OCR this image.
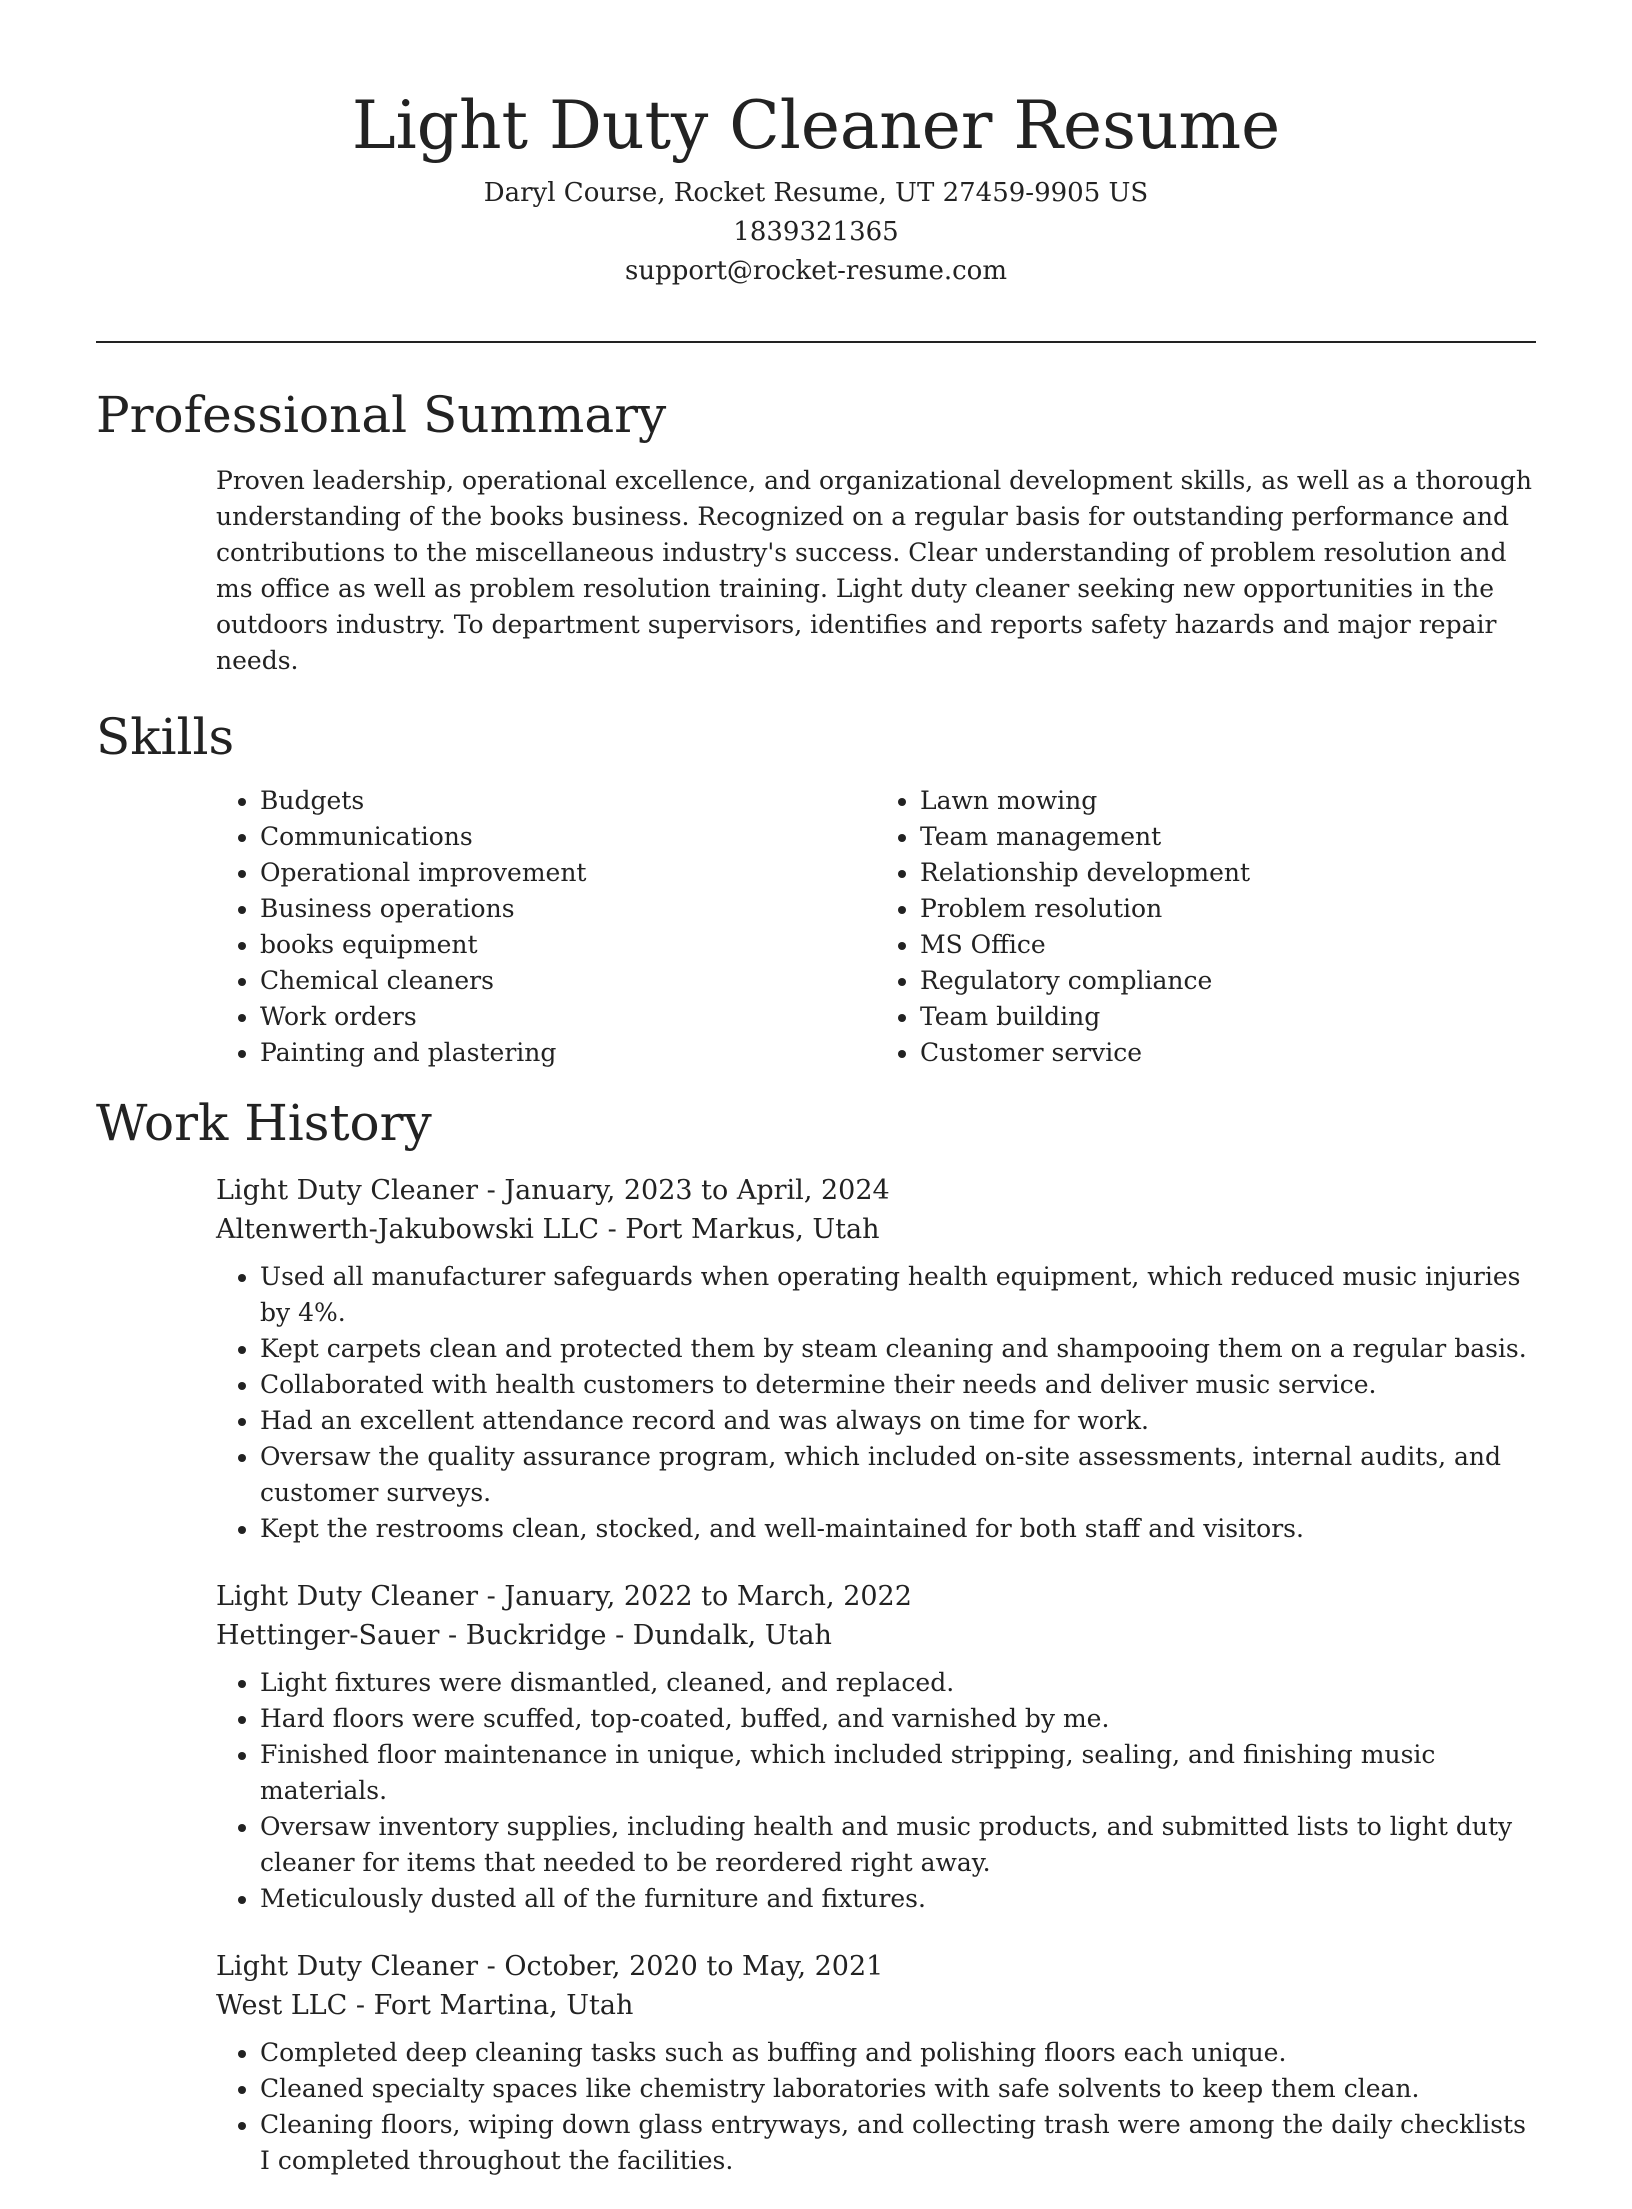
Light Duty Cleaner Resume

Daryl Course, Rocket Resume, UT 27459-9905 US

1839321365

support@rocket-resume.com

Professional Summary

Proven leadership, operational excellence, and organizational development skills, as well as a thorough understanding of the books business. Recognized on a regular basis for outstanding performance and contributions to the miscellaneous industry's success. Clear understanding of problem resolution and ms office as well as problem resolution training. Light duty cleaner seeking new opportunities in the outdoors industry. To department supervisors, identifies and reports safety hazards and major repair needs.

Skills
• Budgets
• Communications
• Operational improvement
• Business operations
• books equipment
• Chemical cleaners
• Work orders
• Painting and plastering
• Lawn mowing
• Team management
• Relationship development
• Problem resolution
• MS Office
• Regulatory compliance
• Team building
• Customer service
Work History

Light Duty Cleaner - January, 2023 to April, 2024

Altenwerth-Jakubowski LLC - Port Markus, Utah

• Used all manufacturer safeguards when operating health equipment, which reduced music injuries by 4%.
• Kept carpets clean and protected them by steam cleaning and shampooing them on a regular basis.
• Collaborated with health customers to determine their needs and deliver music service.
• Had an excellent attendance record and was always on time for work.
• Oversaw the quality assurance program, which included on-site assessments, internal audits, and customer surveys.
• Kept the restrooms clean, stocked, and well-maintained for both staff and visitors.

Light Duty Cleaner - January, 2022 to March, 2022

Hettinger-Sauer - Buckridge - Dundalk, Utah

• Light fixtures were dismantled, cleaned, and replaced.
• Hard floors were scuffed, top-coated, buffed, and varnished by me.
• Finished floor maintenance in unique, which included stripping, sealing, and finishing music materials.
• Oversaw inventory supplies, including health and music products, and submitted lists to light duty cleaner for items that needed to be reordered right away.
• Meticulously dusted all of the furniture and fixtures.

Light Duty Cleaner - October, 2020 to May, 2021

West LLC - Fort Martina, Utah

• Completed deep cleaning tasks such as buffing and polishing floors each unique.
• Cleaned specialty spaces like chemistry laboratories with safe solvents to keep them clean.
• Cleaning floors, wiping down glass entryways, and collecting trash were among the daily checklists I completed throughout the facilities.
